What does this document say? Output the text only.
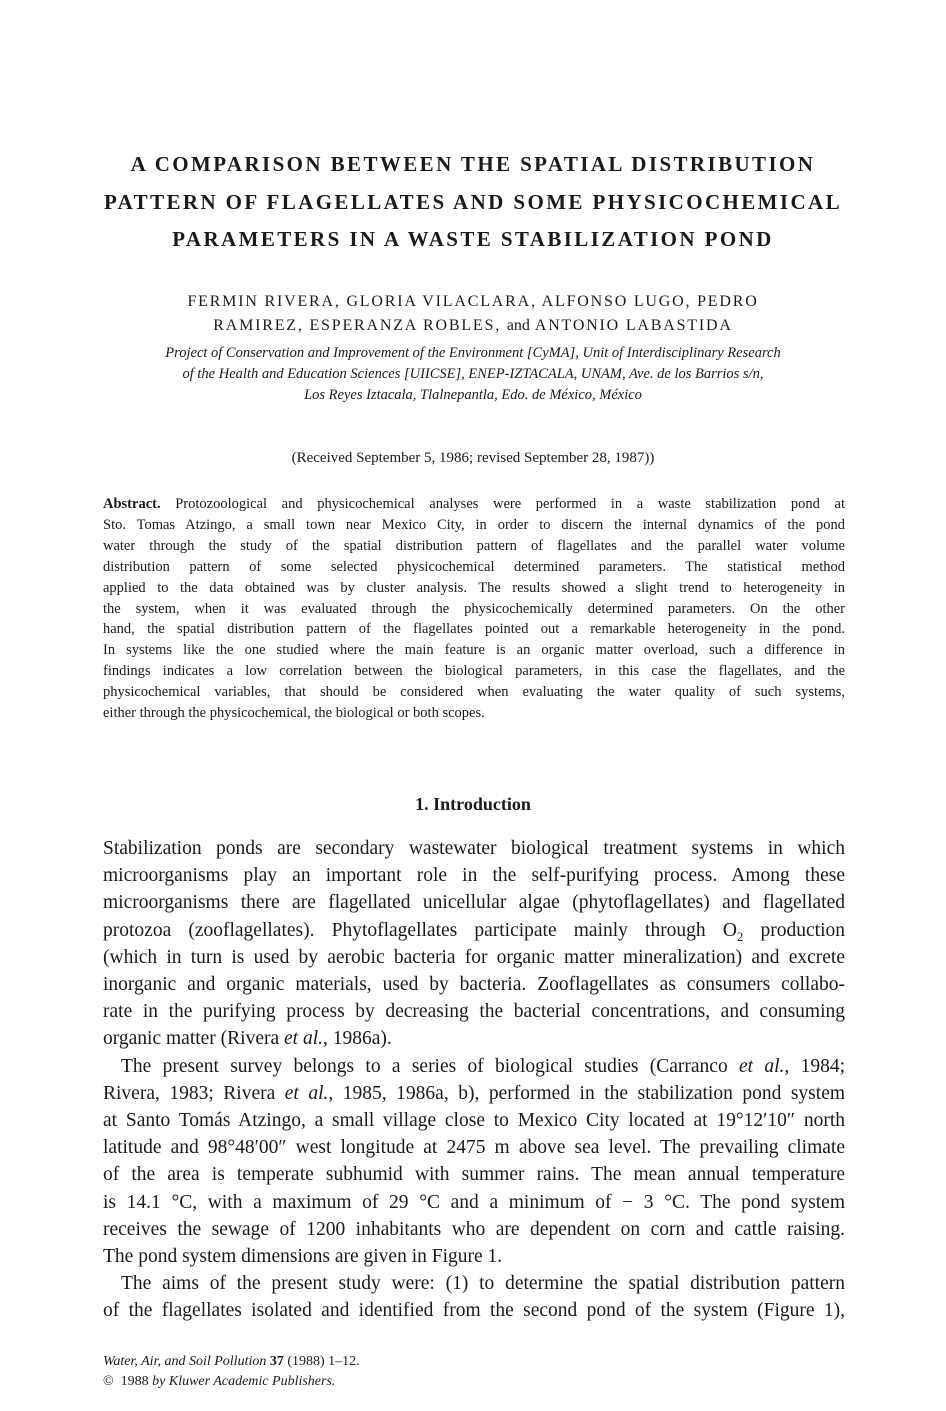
A COMPARISON BETWEEN THE SPATIAL DISTRIBUTION
PATTERN OF FLAGELLATES AND SOME PHYSICOCHEMICAL
PARAMETERS IN A WASTE STABILIZATION POND
FERMIN RIVERA, GLORIA VILACLARA, ALFONSO LUGO, PEDRO
RAMIREZ, ESPERANZA ROBLES, and ANTONIO LABASTIDA
Project of Conservation and Improvement of the Environment [CyMA], Unit of Interdisciplinary Research
of the Health and Education Sciences [UIICSE], ENEP-IZTACALA, UNAM, Ave. de los Barrios s/n,
Los Reyes Iztacala, Tlalnepantla, Edo. de México, México
(Received September 5, 1986; revised September 28, 1987))
Abstract. Protozoological and physicochemical analyses were performed in a waste stabilization pond at
Sto. Tomas Atzingo, a small town near Mexico City, in order to discern the internal dynamics of the pond
water through the study of the spatial distribution pattern of flagellates and the parallel water volume
distribution pattern of some selected physicochemical determined parameters. The statistical method
applied to the data obtained was by cluster analysis. The results showed a slight trend to heterogeneity in
the system, when it was evaluated through the physicochemically determined parameters. On the other
hand, the spatial distribution pattern of the flagellates pointed out a remarkable heterogeneity in the pond.
In systems like the one studied where the main feature is an organic matter overload, such a difference in
findings indicates a low correlation between the biological parameters, in this case the flagellates, and the
physicochemical variables, that should be considered when evaluating the water quality of such systems,
either through the physicochemical, the biological or both scopes.
1. Introduction
Stabilization ponds are secondary wastewater biological treatment systems in which
microorganisms play an important role in the self-purifying process. Among these
microorganisms there are flagellated unicellular algae (phytoflagellates) and flagellated
protozoa (zooflagellates). Phytoflagellates participate mainly through $O_2$ production
(which in turn is used by aerobic bacteria for organic matter mineralization) and excrete
inorganic and organic materials, used by bacteria. Zooflagellates as consumers collabo-
rate in the purifying process by decreasing the bacterial concentrations, and consuming
organic matter (Rivera et al., 1986a).
The present survey belongs to a series of biological studies (Carranco et al., 1984;
Rivera, 1983; Rivera et al., 1985, 1986a, b), performed in the stabilization pond system
at Santo Tomás Atzingo, a small village close to Mexico City located at 19°12′10″ north
latitude and 98°48′00″ west longitude at 2475 m above sea level. The prevailing climate
of the area is temperate subhumid with summer rains. The mean annual temperature
is 14.1 °C, with a maximum of 29 °C and a minimum of − 3 °C. The pond system
receives the sewage of 1200 inhabitants who are dependent on corn and cattle raising.
The pond system dimensions are given in Figure 1.
The aims of the present study were: (1) to determine the spatial distribution pattern
of the flagellates isolated and identified from the second pond of the system (Figure 1),
Water, Air, and Soil Pollution 37 (1988) 1–12.
© 1988 by Kluwer Academic Publishers.
